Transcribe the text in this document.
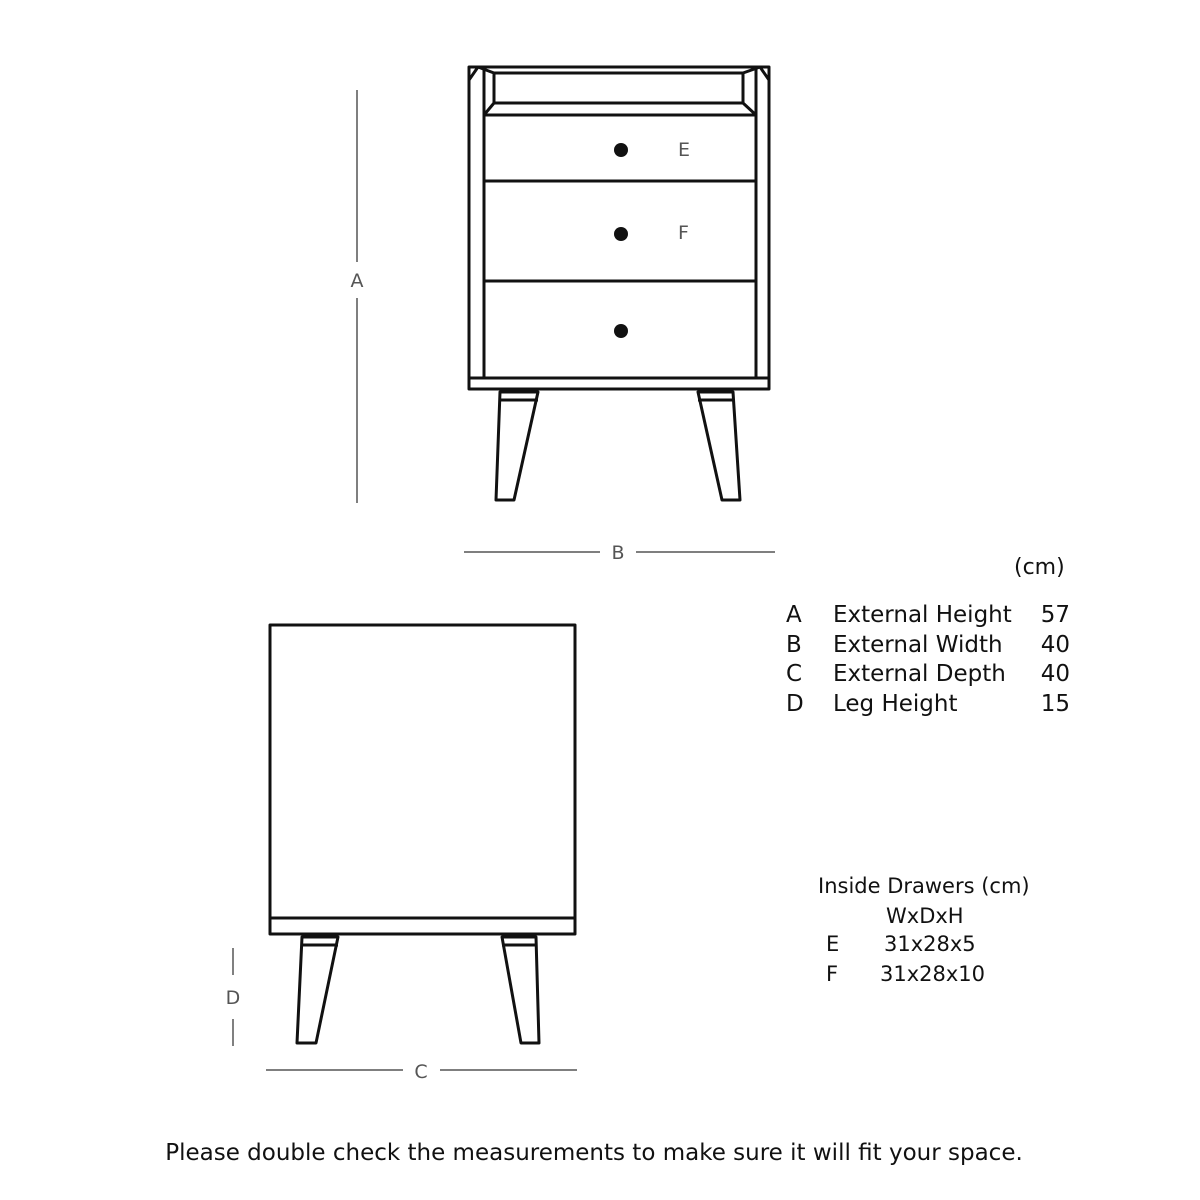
E
F
A
B
D
C
(cm)
A	External Height	57
B	External Width	40
C	External Depth	40
D	Leg Height	15
Inside Drawers (cm)
WxDxH
E 31x28x5
F 31x28x10
Please double check the measurements to make sure it will fit your space.
